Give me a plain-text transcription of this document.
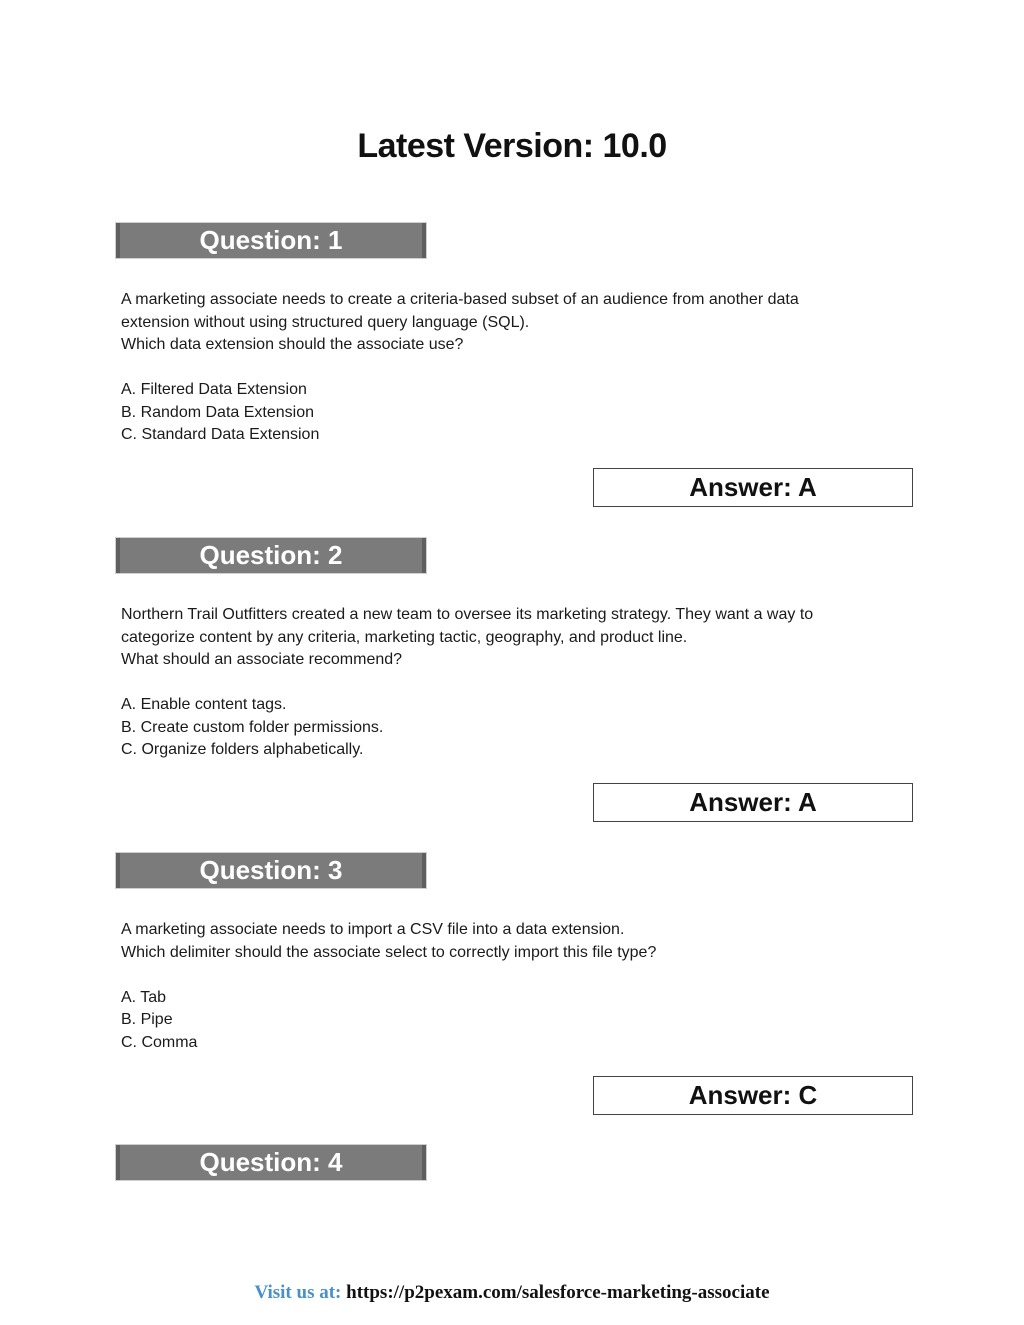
Latest Version: 10.0
Question: 1

A marketing associate needs to create a criteria-based subset of an audience from another data

extension without using structured query language (SQL).

Which data extension should the associate use?

A. Filtered Data Extension

B. Random Data Extension

C. Standard Data Extension

Answer: A
Question: 2

Northern Trail Outfitters created a new team to oversee its marketing strategy. They want a way to

categorize content by any criteria, marketing tactic, geography, and product line.

What should an associate recommend?

A. Enable content tags.

B. Create custom folder permissions.

C. Organize folders alphabetically.

Answer: A
Question: 3

A marketing associate needs to import a CSV file into a data extension.

Which delimiter should the associate select to correctly import this file type?

A. Tab

B. Pipe

C. Comma

Answer: C
Question: 4
Visit us at: https://p2pexam.com/salesforce-marketing-associate
